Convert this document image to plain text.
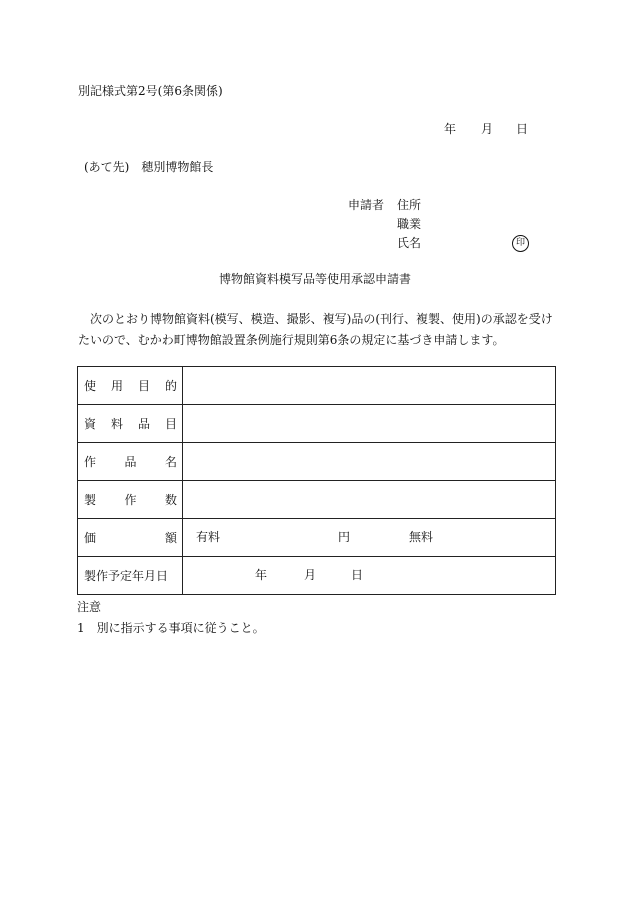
別記様式第2号(第6条関係)
年 月 日
(あて先)　穂別博物館長
申請者 住所
職業
氏名	印
博物館資料模写品等使用承認申請書

　次のとおり博物館資料(模写、模造、撮影、複写)品の(刊行、複製、使用)の承認を受け

たいので、むかわ町博物館設置条例施行規則第6条の規定に基づき申請します。

使 用 目 的	

資 料 品 目	

作 品 名	

製 作 数	

価 額	有料 円 無料

製作予定年月日	年 月 日
注意
1　別に指示する事項に従うこと。
